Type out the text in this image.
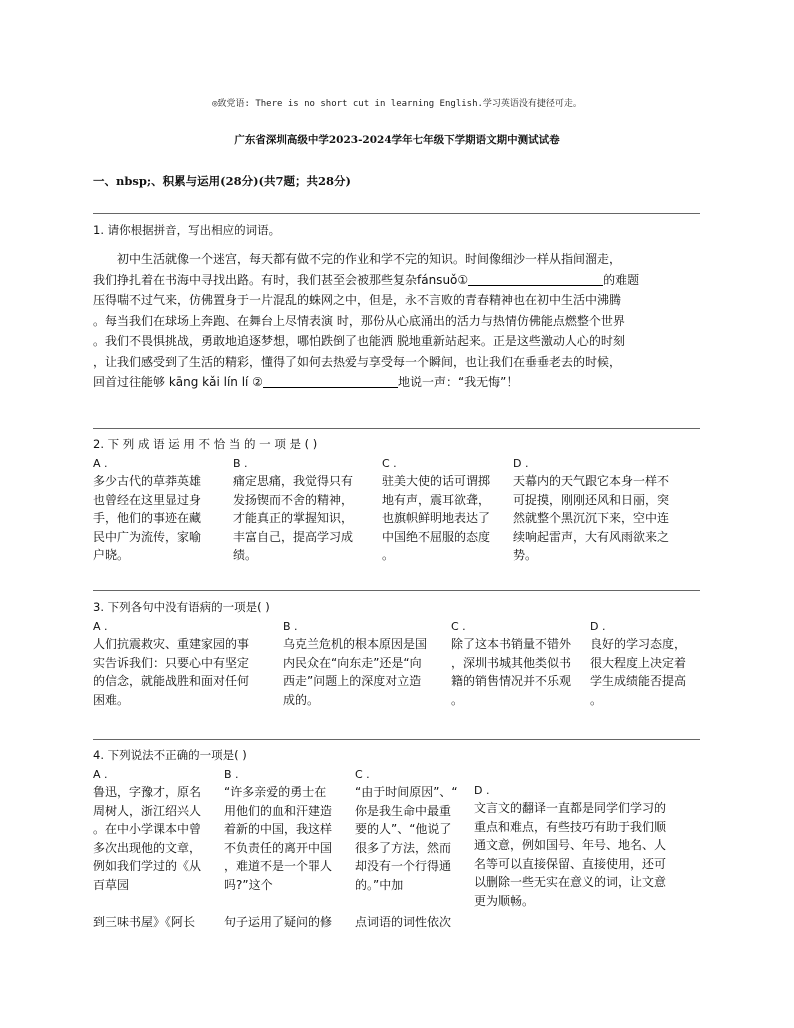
◎致党语: There is no short cut in learning English.学习英语没有捷径可走。
广东省深圳高级中学2023-2024学年七年级下学期语文期中测试试卷
一、nbsp;、积累与运用(28分)(共7题；共28分)
1. 请你根据拼音，写出相应的词语。
初中生活就像一个迷宫，每天都有做不完的作业和学不完的知识。时间像细沙一样从指间溜走，
我们挣扎着在书海中寻找出路。有时，我们甚至会被那些复杂fánsuǒ①	的难题
压得喘不过气来，仿佛置身于一片混乱的蛛网之中，但是，永不言败的青春精神也在初中生活中沸腾
。每当我们在球场上奔跑、在舞台上尽情表演 时，那份从心底涌出的活力与热情仿佛能点燃整个世界
。我们不畏惧挑战，勇敢地追逐梦想，哪怕跌倒了也能洒 脱地重新站起来。正是这些激动人心的时刻
，让我们感受到了生活的精彩，懂得了如何去热爱与享受每一个瞬间，也让我们在垂垂老去的时候，
回首过往能够 kāng kǎi lín lí ②	地说一声：“我无悔”！
2. 下 列 成 语 运 用 不 恰 当 的 一 项 是 ( )
A .
多少古代的草莽英雄
也曾经在这里显过身
手，他们的事迹在藏
民中广为流传，家喻
户晓。
B .
痛定思痛，我觉得只有
发扬锲而不舍的精神，
才能真正的掌握知识，
丰富自己，提高学习成
绩。
C .
驻美大使的话可谓掷
地有声，震耳欲聋，
也旗帜鲜明地表达了
中国绝不屈服的态度
。
D .
天幕内的天气跟它本身一样不
可捉摸，刚刚还风和日丽，突
然就整个黑沉沉下来，空中连
续响起雷声，大有风雨欲来之
势。
3. 下列各句中没有语病的一项是( )
A .
人们抗震救灾、重建家园的事
实告诉我们：只要心中有坚定
的信念，就能战胜和面对任何
困难。
B .
乌克兰危机的根本原因是国
内民众在“向东走”还是“向
西走”问题上的深度对立造
成的。
C .
除了这本书销量不错外
，深圳书城其他类似书
籍的销售情况并不乐观
。
D .
良好的学习态度，
很大程度上决定着
学生成绩能否提高
。
4. 下列说法不正确的一项是( )
A .
鲁迅，字豫才，原名
周树人，浙江绍兴人
。在中小学课本中曾
多次出现他的文章，
例如我们学过的《从
百草园
到三味书屋》《阿长
B .
“许多亲爱的勇士在
用他们的血和汗建造
着新的中国，我这样
不负责任的离开中国
，难道不是一个罪人
吗?”这个
句子运用了疑问的修
C .
“由于时间原因”、“
你是我生命中最重
要的人”、“他说了
很多了方法，然而
却没有一个行得通
的。”中加
点词语的词性依次
D .
文言文的翻译一直都是同学们学习的
重点和难点，有些技巧有助于我们顺
通文意，例如国号、年号、地名、人
名等可以直接保留、直接使用，还可
以删除一些无实在意义的词，让文意
更为顺畅。
